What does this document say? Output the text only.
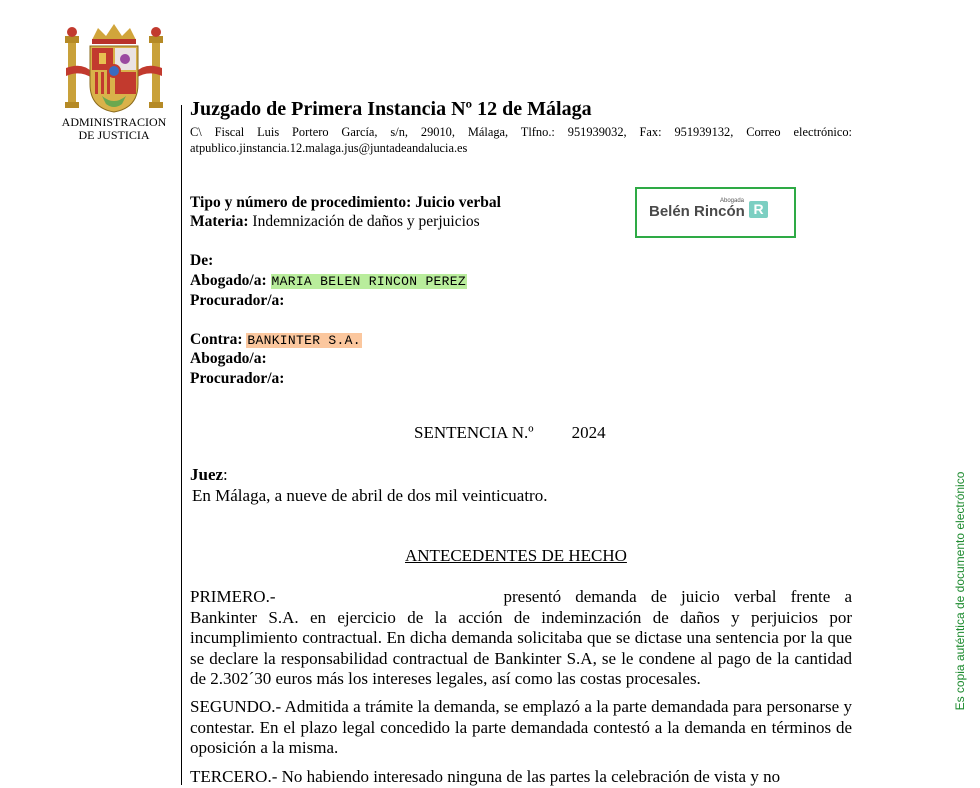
ADMINISTRACION
DE JUSTICIA
Juzgado de Primera Instancia Nº 12 de Málaga
C\ Fiscal Luis Portero García, s/n, 29010, Málaga, Tlfno.: 951939032, Fax: 951939132, Correo electrónico:
atpublico.jinstancia.12.malaga.jus@juntadeandalucia.es
Tipo y número de procedimiento: Juicio verbal
Materia: Indemnización de daños y perjuicios
Abogada
Belén Rincón R
De:
Abogado/a: MARIA BELEN RINCON PEREZ
Procurador/a:
Contra: BANKINTER S.A.
Abogado/a:
Procurador/a:
SENTENCIA N.º 2024
Juez:
En Málaga, a nueve de abril de dos mil veinticuatro.
ANTECEDENTES DE HECHO
PRIMERO.-	presentó demanda de juicio verbal frente a Bankinter S.A. en ejercicio de la acción de indeminzación de daños y perjuicios por incumplimiento contractual. En dicha demanda solicitaba que se dictase una sentencia por la que se declare la responsabilidad contractual de Bankinter S.A, se le condene al pago de la cantidad de 2.302´30 euros más los intereses legales, así como las costas procesales.
SEGUNDO.- Admitida a trámite la demanda, se emplazó a la parte demandada para personarse y contestar. En el plazo legal concedido la parte demandada contestó a la demanda en términos de oposición a la misma.
TERCERO.- No habiendo interesado ninguna de las partes la celebración de vista y no
Es copia auténtica de documento electrónico
